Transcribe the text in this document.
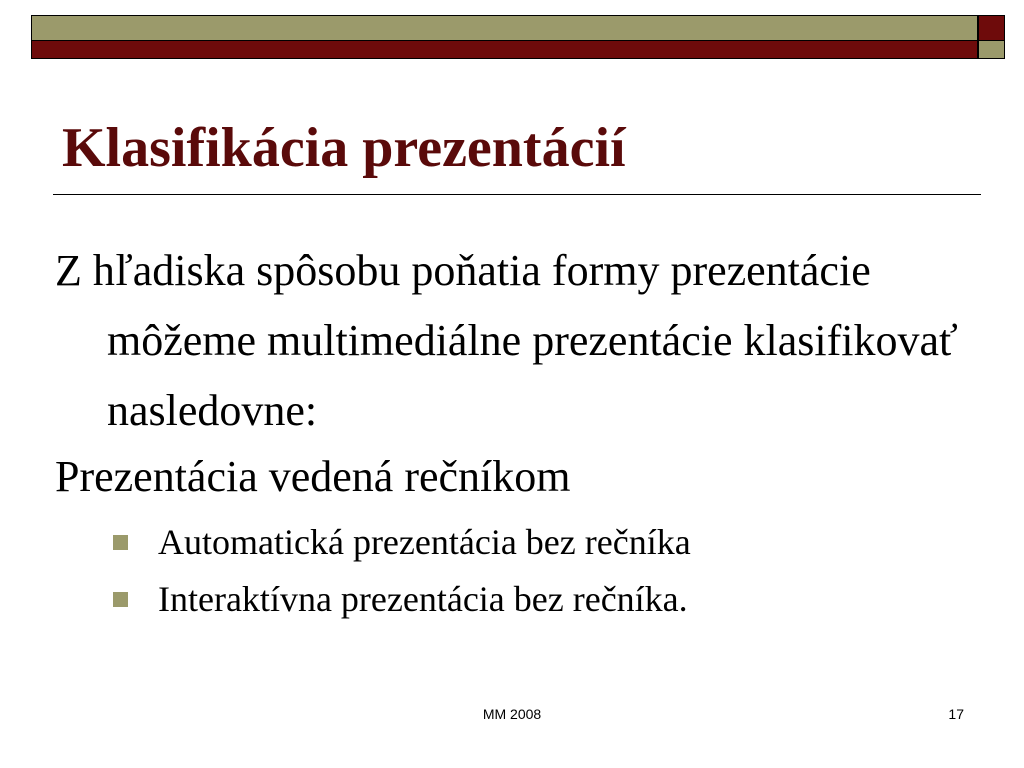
Klasifikácia prezentácií

Z hľadiska spôsobu poňatia formy prezentácie môžeme multimediálne prezentácie klasifikovať nasledovne:

Prezentácia vedená rečníkom

Automatická prezentácia bez rečníka
Interaktívna prezentácia bez rečníka.
MM 2008	17
